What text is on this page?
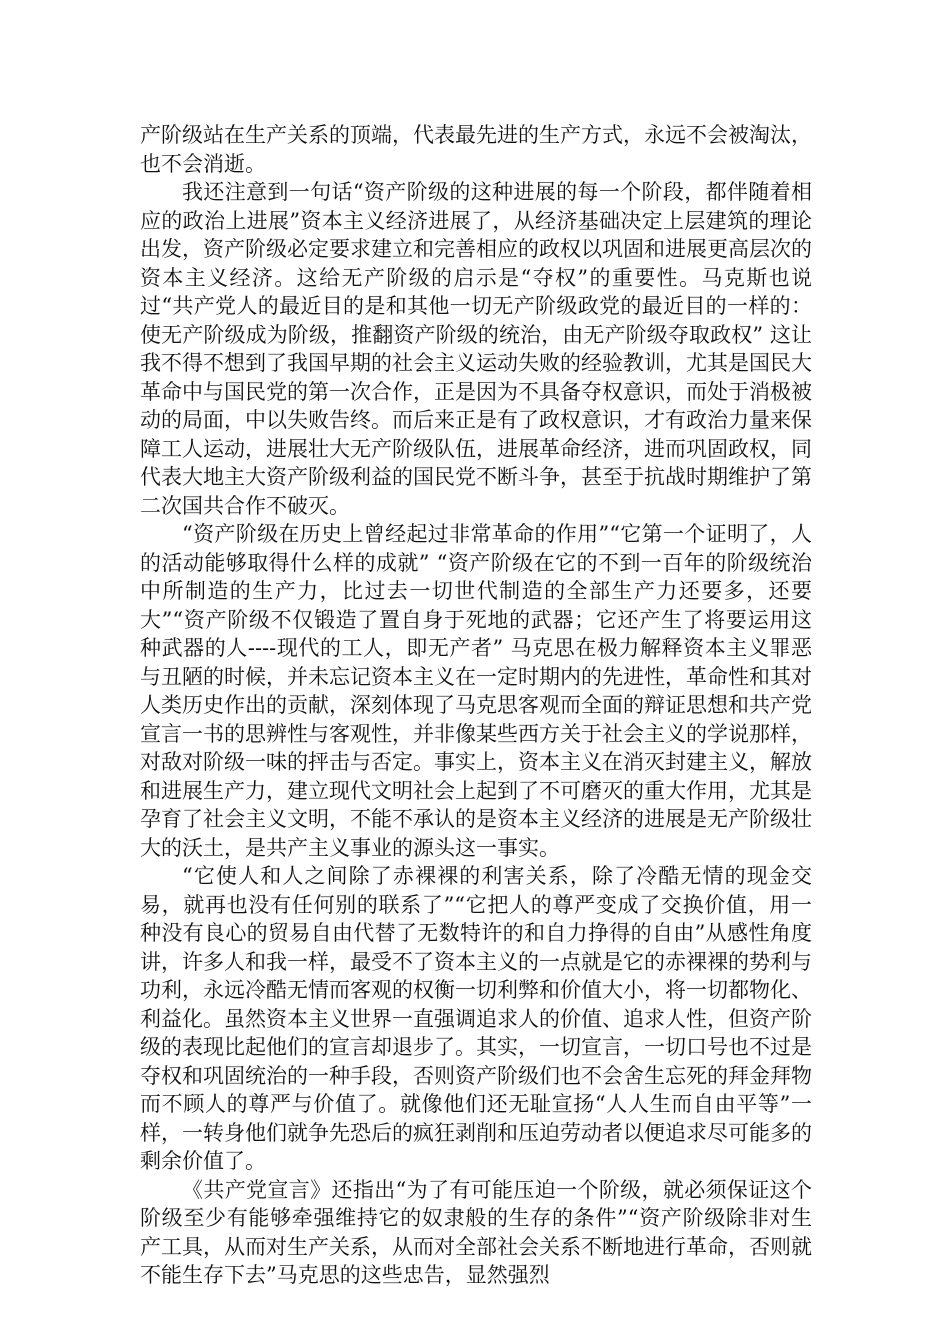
产阶级站在生产关系的顶端，代表最先进的生产方式，永远不会被淘汰，也不会消逝。

我还注意到一句话“资产阶级的这种进展的每一个阶段，都伴随着相应的政治上进展”资本主义经济进展了，从经济基础决定上层建筑的理论出发，资产阶级必定要求建立和完善相应的政权以巩固和进展更高层次的资本主义经济。这给无产阶级的启示是“夺权”的重要性。马克斯也说过“共产党人的最近目的是和其他一切无产阶级政党的最近目的一样的：使无产阶级成为阶级，推翻资产阶级的统治，由无产阶级夺取政权” 这让我不得不想到了我国早期的社会主义运动失败的经验教训，尤其是国民大革命中与国民党的第一次合作，正是因为不具备夺权意识，而处于消极被动的局面，中以失败告终。而后来正是有了政权意识，才有政治力量来保障工人运动，进展壮大无产阶级队伍，进展革命经济，进而巩固政权，同代表大地主大资产阶级利益的国民党不断斗争，甚至于抗战时期维护了第二次国共合作不破灭。

“资产阶级在历史上曾经起过非常革命的作用”“它第一个证明了，人的活动能够取得什么样的成就” “资产阶级在它的不到一百年的阶级统治中所制造的生产力，比过去一切世代制造的全部生产力还要多，还要大”“资产阶级不仅锻造了置自身于死地的武器；它还产生了将要运用这种武器的人----现代的工人，即无产者” 马克思在极力解释资本主义罪恶与丑陋的时候，并未忘记资本主义在一定时期内的先进性，革命性和其对人类历史作出的贡献，深刻体现了马克思客观而全面的辩证思想和共产党宣言一书的思辨性与客观性，并非像某些西方关于社会主义的学说那样，对敌对阶级一味的抨击与否定。事实上，资本主义在消灭封建主义，解放和进展生产力，建立现代文明社会上起到了不可磨灭的重大作用，尤其是孕育了社会主义文明，不能不承认的是资本主义经济的进展是无产阶级壮大的沃土，是共产主义事业的源头这一事实。

“它使人和人之间除了赤裸裸的利害关系，除了冷酷无情的现金交易，就再也没有任何别的联系了”“它把人的尊严变成了交换价值，用一种没有良心的贸易自由代替了无数特许的和自力挣得的自由”从感性角度讲，许多人和我一样，最受不了资本主义的一点就是它的赤裸裸的势利与功利，永远冷酷无情而客观的权衡一切利弊和价值大小，将一切都物化、利益化。虽然资本主义世界一直强调追求人的价值、追求人性，但资产阶级的表现比起他们的宣言却退步了。其实，一切宣言，一切口号也不过是夺权和巩固统治的一种手段，否则资产阶级们也不会舍生忘死的拜金拜物而不顾人的尊严与价值了。就像他们还无耻宣扬“人人生而自由平等”一样，一转身他们就争先恐后的疯狂剥削和压迫劳动者以便追求尽可能多的剩余价值了。

《共产党宣言》还指出“为了有可能压迫一个阶级，就必须保证这个阶级至少有能够牵强维持它的奴隶般的生存的条件”“资产阶级除非对生产工具，从而对生产关系，从而对全部社会关系不断地进行革命，否则就不能生存下去”马克思的这些忠告，显然强烈
